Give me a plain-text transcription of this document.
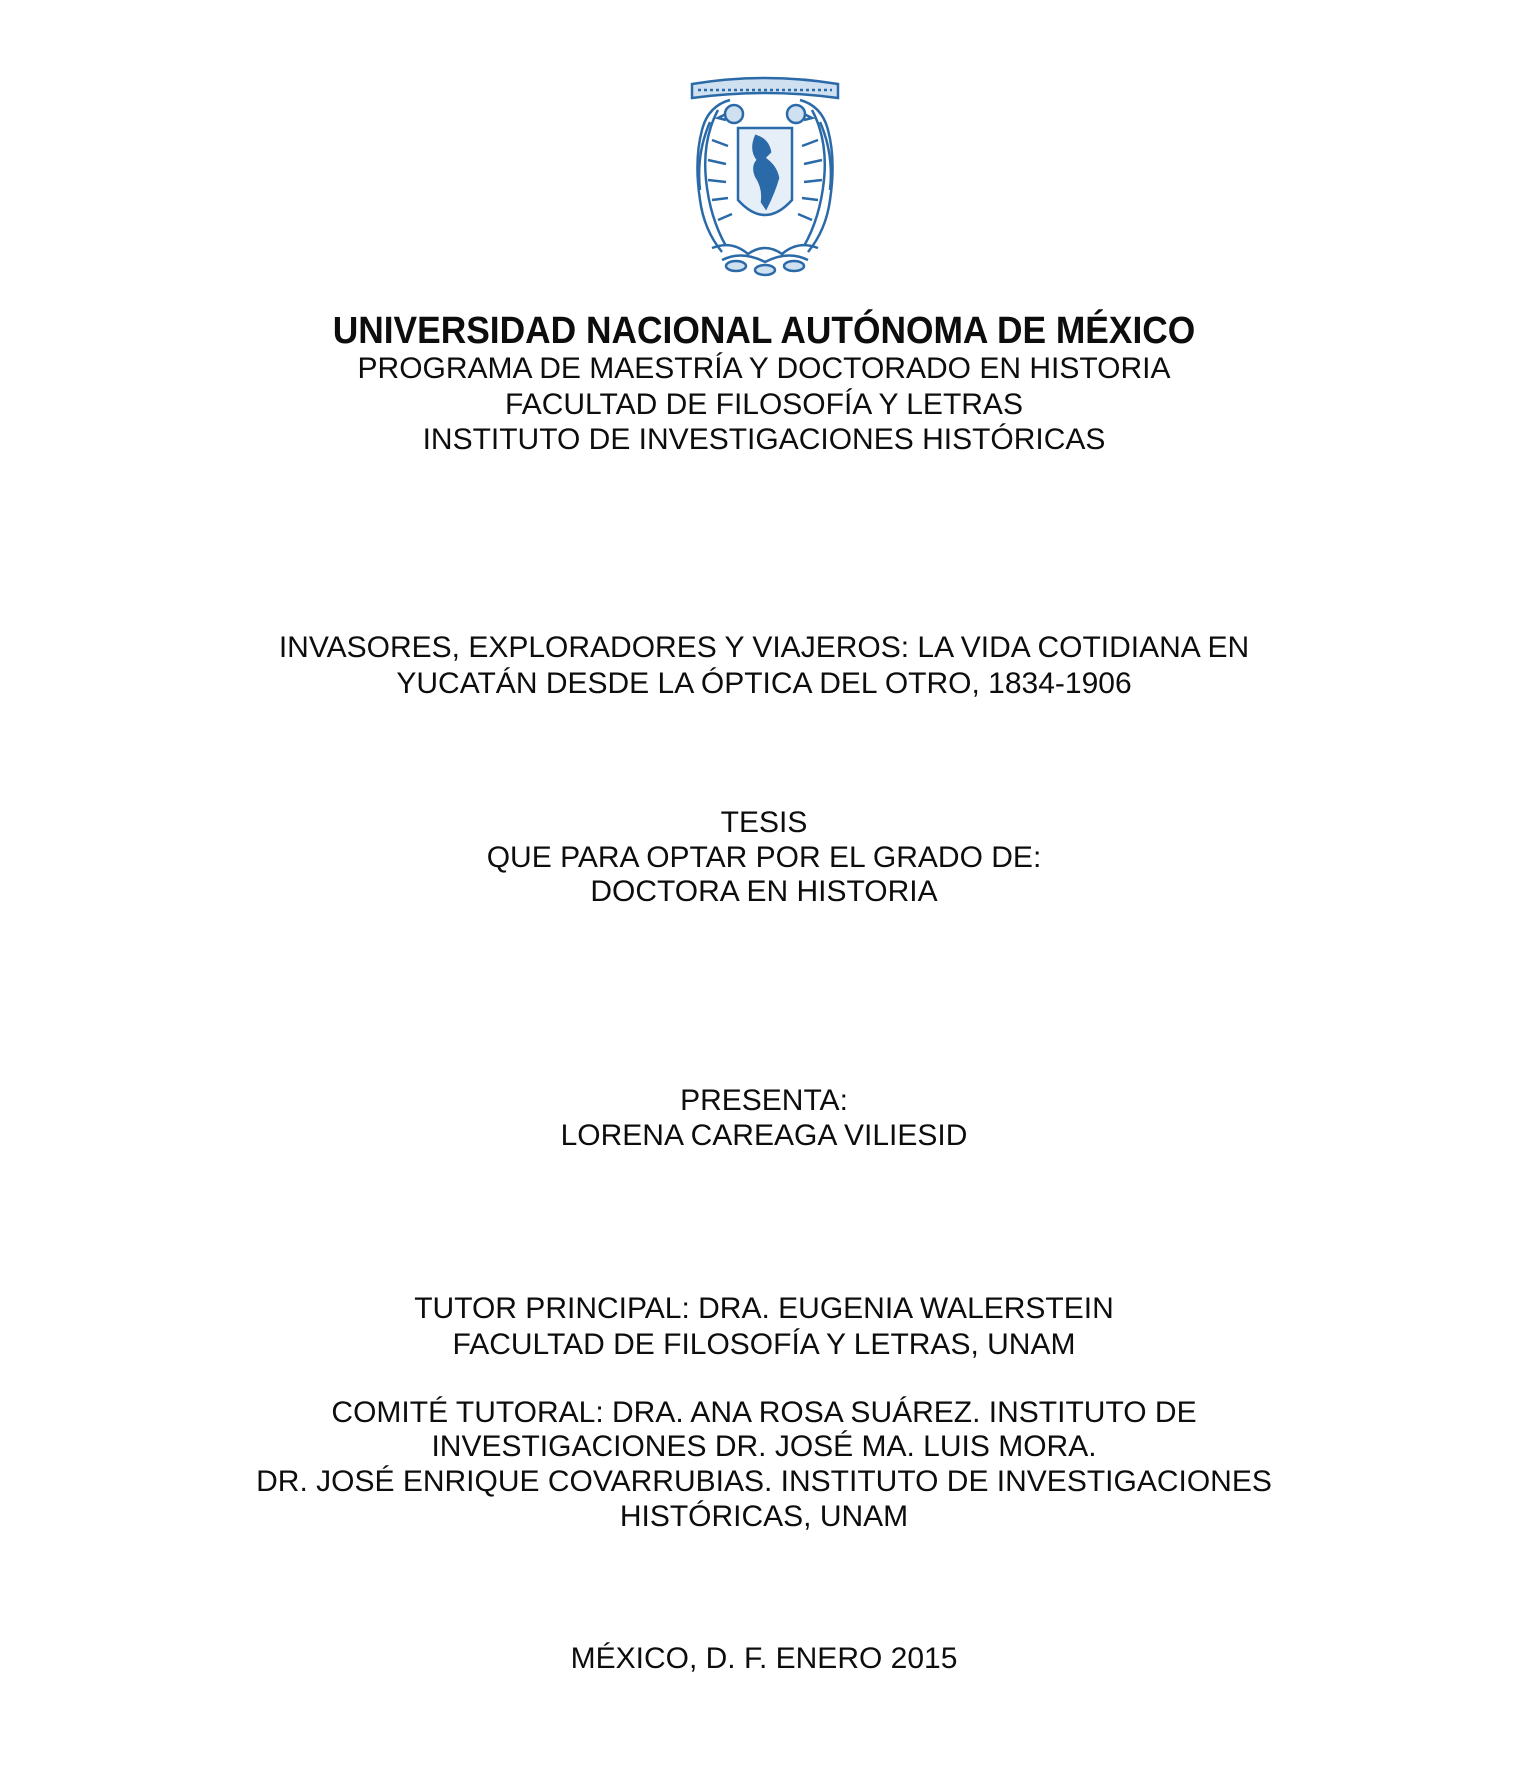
UNIVERSIDAD NACIONAL AUTÓNOMA DE MÉXICO
PROGRAMA DE MAESTRÍA Y DOCTORADO EN HISTORIA
FACULTAD DE FILOSOFÍA Y LETRAS
INSTITUTO DE INVESTIGACIONES HISTÓRICAS
INVASORES, EXPLORADORES Y VIAJEROS: LA VIDA COTIDIANA EN
YUCATÁN DESDE LA ÓPTICA DEL OTRO, 1834-1906
TESIS
QUE PARA OPTAR POR EL GRADO DE:
DOCTORA EN HISTORIA
PRESENTA:
LORENA CAREAGA VILIESID
TUTOR PRINCIPAL: DRA. EUGENIA WALERSTEIN
FACULTAD DE FILOSOFÍA Y LETRAS, UNAM
COMITÉ TUTORAL: DRA. ANA ROSA SUÁREZ. INSTITUTO DE
INVESTIGACIONES DR. JOSÉ MA. LUIS MORA.
DR. JOSÉ ENRIQUE COVARRUBIAS. INSTITUTO DE INVESTIGACIONES
HISTÓRICAS, UNAM
MÉXICO, D. F. ENERO 2015
